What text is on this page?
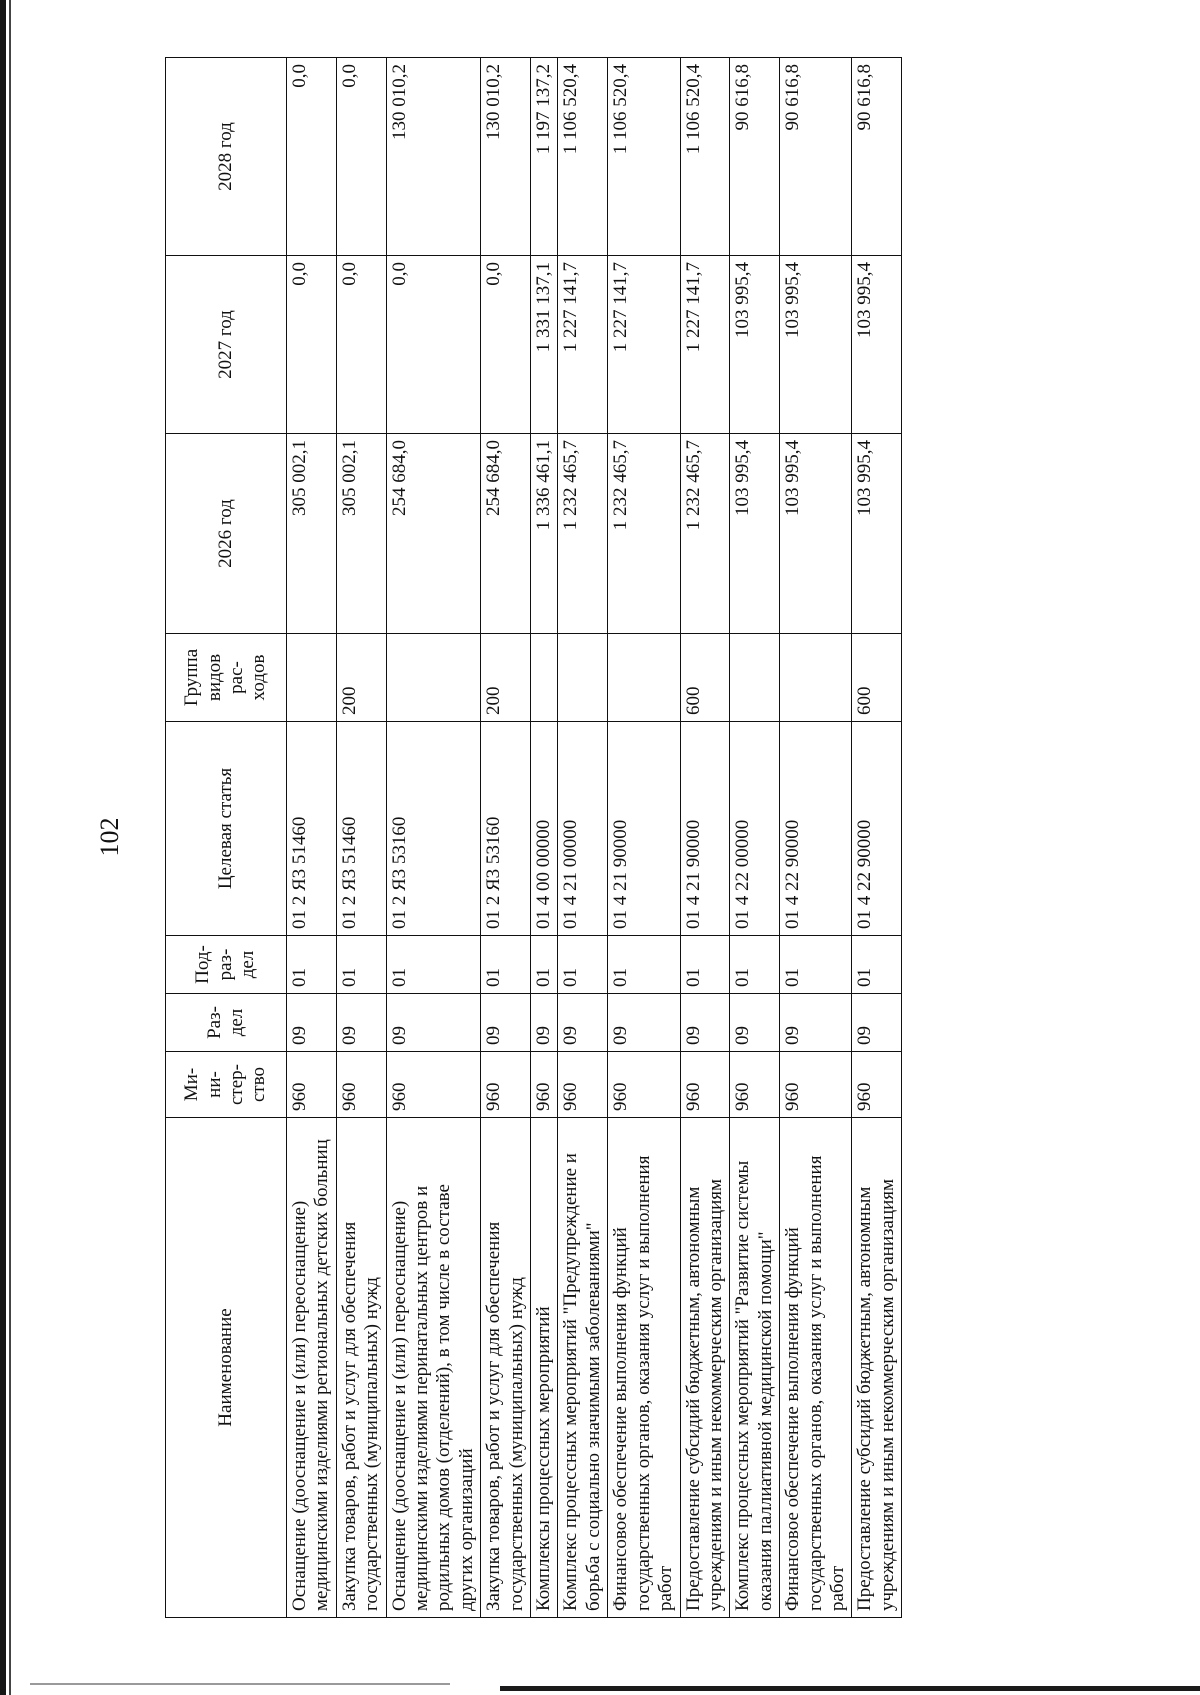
102
Наименование	Ми-ни-стер-ство	Раз-дел	Под-раз-дел	Целевая статья	Группа видов рас-ходов	2026 год	2027 год	2028 год
Оснащение (дооснащение и (или) переоснащение) медицинскими изделиями региональных детских больниц	960	09	01	01 2 Я3 51460		305 002,1	0,0	0,0
Закупка товаров, работ и услуг для обеспечения государственных (муниципальных) нужд	960	09	01	01 2 Я3 51460	200	305 002,1	0,0	0,0
Оснащение (дооснащение и (или) переоснащение) медицинскими изделиями перинатальных центров и родильных домов (отделений), в том числе в составе других организаций	960	09	01	01 2 Я3 53160		254 684,0	0,0	130 010,2
Закупка товаров, работ и услуг для обеспечения государственных (муниципальных) нужд	960	09	01	01 2 Я3 53160	200	254 684,0	0,0	130 010,2
Комплексы процессных мероприятий	960	09	01	01 4 00 00000		1 336 461,1	1 331 137,1	1 197 137,2
Комплекс процессных мероприятий "Предупреждение и борьба с социально значимыми заболеваниями"	960	09	01	01 4 21 00000		1 232 465,7	1 227 141,7	1 106 520,4
Финансовое обеспечение выполнения функций государственных органов, оказания услуг и выполнения работ	960	09	01	01 4 21 90000		1 232 465,7	1 227 141,7	1 106 520,4
Предоставление субсидий бюджетным, автономным учреждениям и иным некоммерческим организациям	960	09	01	01 4 21 90000	600	1 232 465,7	1 227 141,7	1 106 520,4
Комплекс процессных мероприятий "Развитие системы оказания паллиативной медицинской помощи"	960	09	01	01 4 22 00000		103 995,4	103 995,4	90 616,8
Финансовое обеспечение выполнения функций государственных органов, оказания услуг и выполнения работ	960	09	01	01 4 22 90000		103 995,4	103 995,4	90 616,8
Предоставление субсидий бюджетным, автономным учреждениям и иным некоммерческим организациям	960	09	01	01 4 22 90000	600	103 995,4	103 995,4	90 616,8
